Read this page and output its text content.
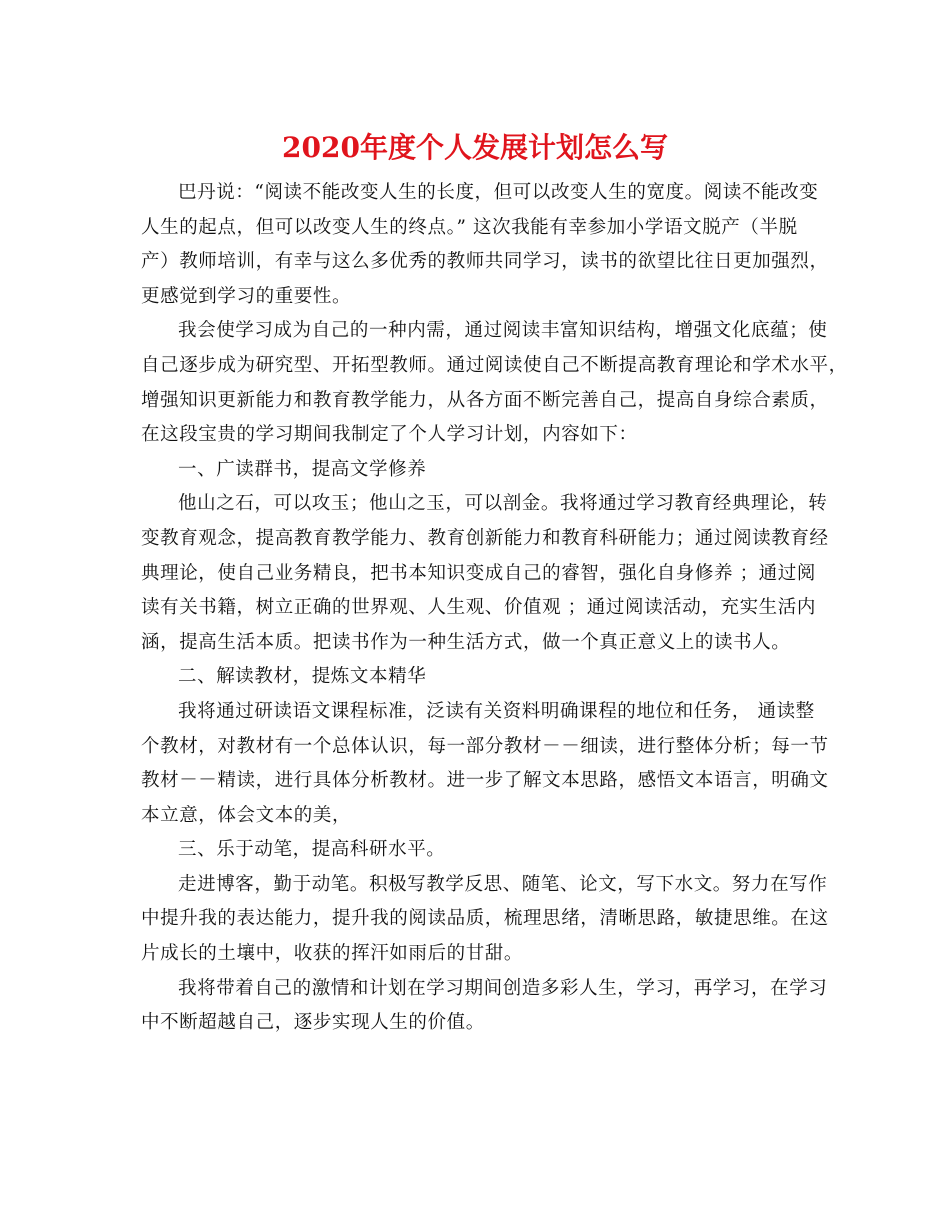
2020年度个人发展计划怎么写

巴丹说：“阅读不能改变人生的长度，但可以改变人生的宽度。阅读不能改变
人生的起点，但可以改变人生的终点。” 这次我能有幸参加小学语文脱产（半脱
产）教师培训，有幸与这么多优秀的教师共同学习，读书的欲望比往日更加强烈，
更感觉到学习的重要性。

我会使学习成为自己的一种内需，通过阅读丰富知识结构，增强文化底蕴；使
自己逐步成为研究型、开拓型教师。通过阅读使自己不断提高教育理论和学术水平，
增强知识更新能力和教育教学能力，从各方面不断完善自己，提高自身综合素质，
在这段宝贵的学习期间我制定了个人学习计划，内容如下：

一、广读群书，提高文学修养

他山之石，可以攻玉；他山之玉，可以剖金。我将通过学习教育经典理论，转
变教育观念，提高教育教学能力、教育创新能力和教育科研能力；通过阅读教育经
典理论，使自己业务精良，把书本知识变成自己的睿智，强化自身修养 ；通过阅
读有关书籍，树立正确的世界观、人生观、价值观 ；通过阅读活动，充实生活内
涵，提高生活本质。把读书作为一种生活方式，做一个真正意义上的读书人。

二、解读教材，提炼文本精华

我将通过研读语文课程标准，泛读有关资料明确课程的地位和任务， 通读整
个教材，对教材有一个总体认识，每一部分教材－－细读，进行整体分析；每一节
教材－－精读，进行具体分析教材。进一步了解文本思路，感悟文本语言，明确文
本立意，体会文本的美，

三、乐于动笔，提高科研水平。

走进博客，勤于动笔。积极写教学反思、随笔、论文，写下水文。努力在写作
中提升我的表达能力，提升我的阅读品质，梳理思绪，清晰思路，敏捷思维。在这
片成长的土壤中，收获的挥汗如雨后的甘甜。

我将带着自己的激情和计划在学习期间创造多彩人生，学习，再学习，在学习
中不断超越自己，逐步实现人生的价值。
